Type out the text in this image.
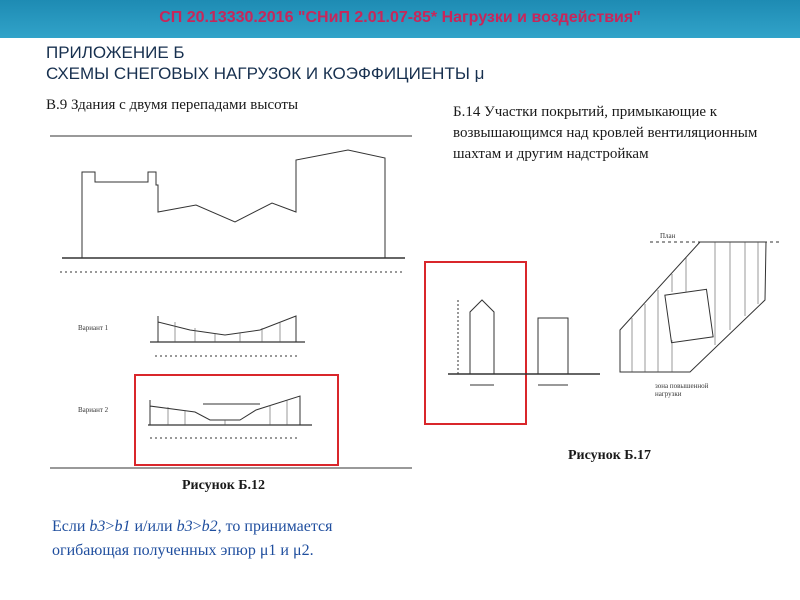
СП 20.13330.2016 "СНиП 2.01.07-85* Нагрузки и воздействия"
ПРИЛОЖЕНИЕ Б
СХЕМЫ СНЕГОВЫХ НАГРУЗОК И КОЭФФИЦИЕНТЫ μ
В.9 Здания с двумя перепадами высоты	Б.14 Участки покрытий, примыкающие к возвышающимся над кровлей вентиляционным шахтам и другим надстройкам
Вариант 1
Вариант 2
Рисунок Б.12
План
зона повышенной
нагрузки
Рисунок Б.17
Если b3>b1 и/или b3>b2, то принимается огибающая полученных эпюр μ1 и μ2.
